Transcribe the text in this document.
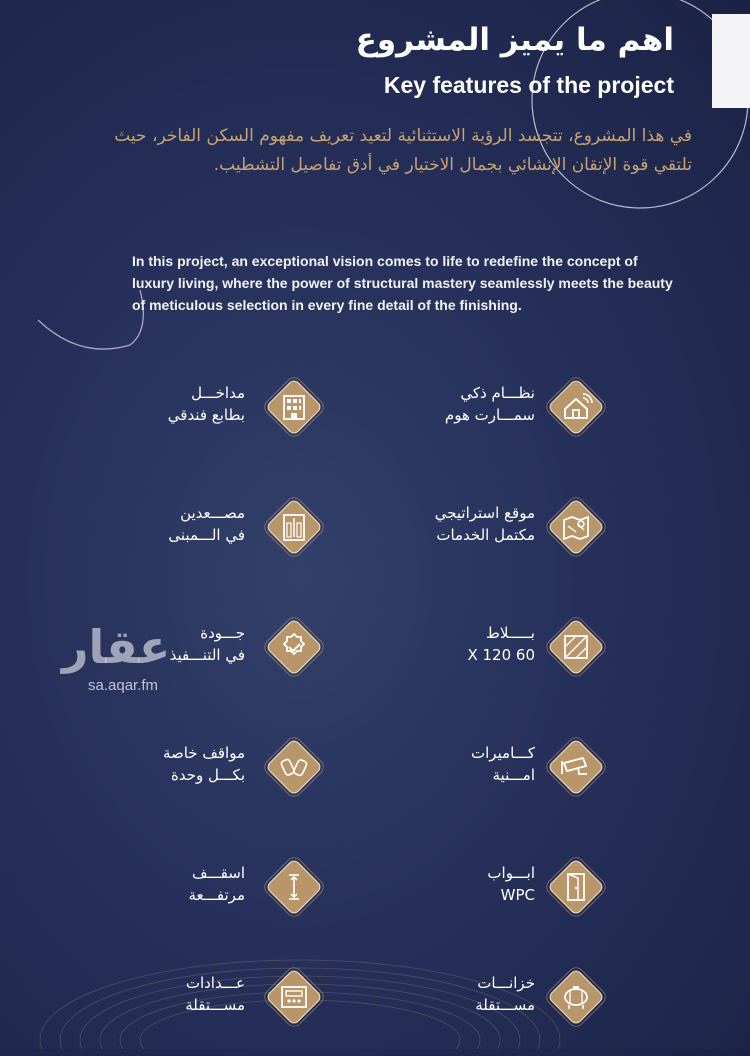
اهم ما يميز المشروع
Key features of the project
في هذا المشروع، تتجسد الرؤية الاستثنائية لتعيد تعريف مفهوم السكن الفاخر، حيث تلتقي قوة الإتقان الإنشائي بجمال الاختيار في أدق تفاصيل التشطيب.
In this project, an exceptional vision comes to life to redefine the concept of luxury living, where the power of structural mastery seamlessly meets the beauty of meticulous selection in every fine detail of the finishing.
نظـــام ذكي
سمـــارت هوم
مداخـــل
بطابع فندقي
موقع استراتيجي
مكتمل الخدمات
مصـــعدين
في الـــمبنى
بـــــلاط
60 X 120
جـــودة
في التنـــفيذ
كـــاميرات
امـــنية
مواقف خاصة
بكـــل وحدة
ابـــواب
WPC
اسقـــف
مرتفـــعة
خزانـــات
مســـتقلة
عـــدادات
مســـتقلة
عقار
sa.aqar.fm
